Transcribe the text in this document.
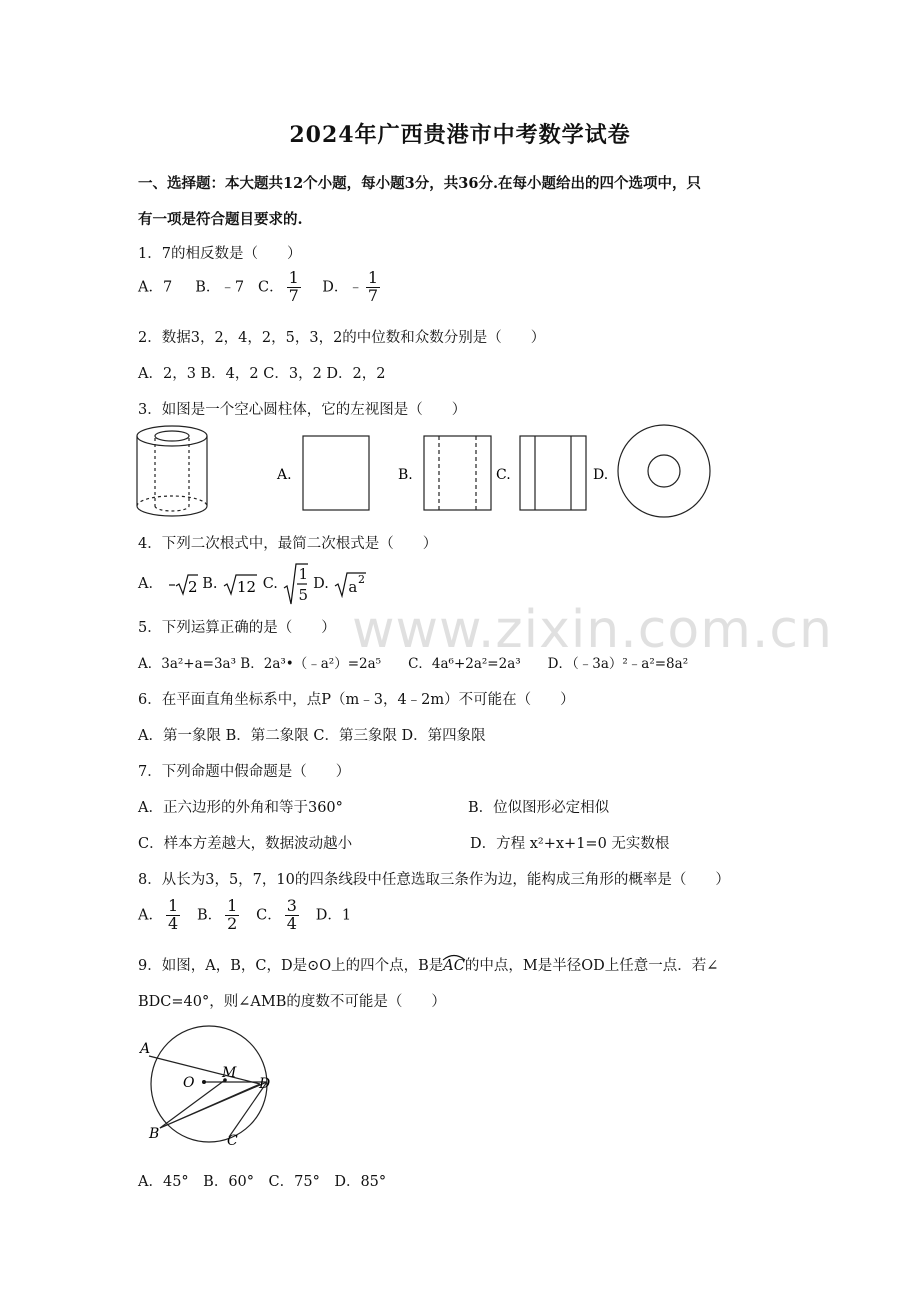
2024年广西贵港市中考数学试卷
一、选择题：本大题共12个小题，每小题3分，共36分.在每小题给出的四个选项中，只
有一项是符合题目要求的.
1．7的相反数是（　　）
A．7 B．﹣7 C． $\frac{1}{7}$ D．﹣ $\frac{1}{7}$
2．数据3，2，4，2，5，3，2的中位数和众数分别是（　　）
A．2，3 B．4，2 C．3，2 D．2，2
3．如图是一个空心圆柱体，它的左视图是（　　）
A.	B.	C.	D.
4．下列二次根式中，最简二次根式是（　　）
A． 2 B. 12 C.
1
5
D.	2
a
5．下列运算正确的是（　　）
A．3a²+a=3a³ B．2a³•（﹣a²）=2a⁵　　C．4a⁶+2a²=2a³　　D．（﹣3a）²﹣a²=8a²
6．在平面直角坐标系中，点P（m﹣3，4﹣2m）不可能在（　　）
A．第一象限 B．第二象限 C．第三象限 D．第四象限
7．下列命题中假命题是（　　）
A．正六边形的外角和等于360°	B．位似图形必定相似
C．样本方差越大，数据波动越小	D．方程 x²+x+1=0 无实数根
8．从长为3，5，7，10的四条线段中任意选取三条作为边，能构成三角形的概率是（　　）
A． $\frac{1}{4}$ B． $\frac{1}{2}$ C． $\frac{3}{4}$ D．1
9．如图，A，B，C，D是⊙O上的四个点，B是
AC的中点，M是半径OD上任意一点．若∠
BDC=40°，则∠AMB的度数不可能是（　　）
A
O
M
D
B	C
A．45°　B．60°　C．75°　D．85°
www.zixin.com.cn
